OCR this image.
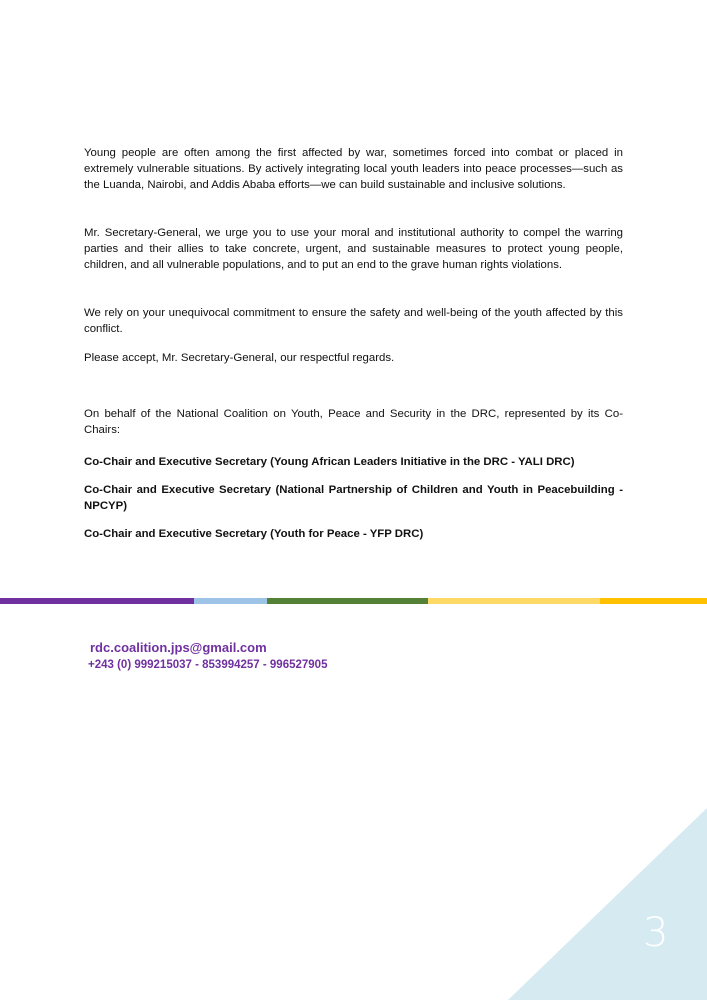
Young people are often among the first affected by war, sometimes forced into combat or placed in extremely vulnerable situations. By actively integrating local youth leaders into peace processes—such as the Luanda, Nairobi, and Addis Ababa efforts—we can build sustainable and inclusive solutions.

Mr. Secretary-General, we urge you to use your moral and institutional authority to compel the warring parties and their allies to take concrete, urgent, and sustainable measures to protect young people, children, and all vulnerable populations, and to put an end to the grave human rights violations.

We rely on your unequivocal commitment to ensure the safety and well-being of the youth affected by this conflict.

Please accept, Mr. Secretary-General, our respectful regards.

On behalf of the National Coalition on Youth, Peace and Security in the DRC, represented by its Co-Chairs:

Co-Chair and Executive Secretary (Young African Leaders Initiative in the DRC - YALI DRC)

Co-Chair and Executive Secretary (National Partnership of Children and Youth in Peacebuilding - NPCYP)

Co-Chair and Executive Secretary (Youth for Peace - YFP DRC)

rdc.coalition.jps@gmail.com
+243 (0) 999215037 - 853994257 - 996527905
3
